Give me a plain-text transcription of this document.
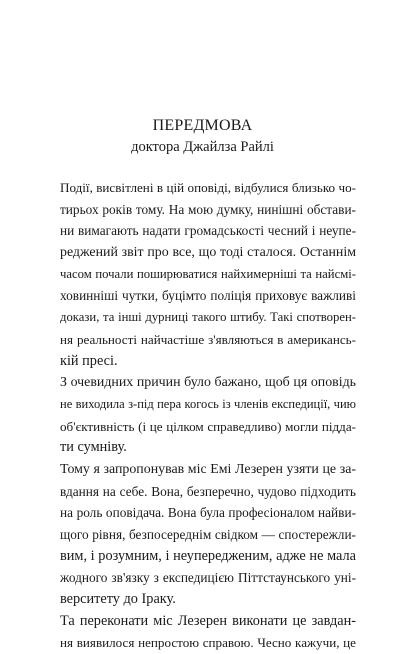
ПЕРЕДМОВА
доктора Джайлза Райлі
Події, висвітлені в цій оповіді, відбулися близько чо-
тирьох років тому. На мою думку, нинішні обстави-
ни вимагають надати громадськості чесний і неупе-
реджений звіт про все, що тоді сталося. Останнім
часом почали поширюватися найхимерніші та найсмі-
ховинніші чутки, буцімто поліція приховує важливі
докази, та інші дурниці такого штибу. Такі спотворен-
ня реальності найчастіше з'являються в американсь-
кій пресі.
З очевидних причин було бажано, щоб ця оповідь
не виходила з-під пера когось із членів експедиції, чию
об'єктивність (і це цілком справедливо) могли підда-
ти сумніву.
Тому я запропонував міс Емі Лезерен узяти це за-
вдання на себе. Вона, безперечно, чудово підходить
на роль оповідача. Вона була професіоналом найви-
щого рівня, безпосереднім свідком — спостережли-
вим, і розумним, і неупередженим, адже не мала
жодного зв'язку з експедицією Піттстаунського уні-
верситету до Іраку.
Та переконати міс Лезерен виконати це завдан-
ня виявилося непростою справою. Чесно кажучи, це
